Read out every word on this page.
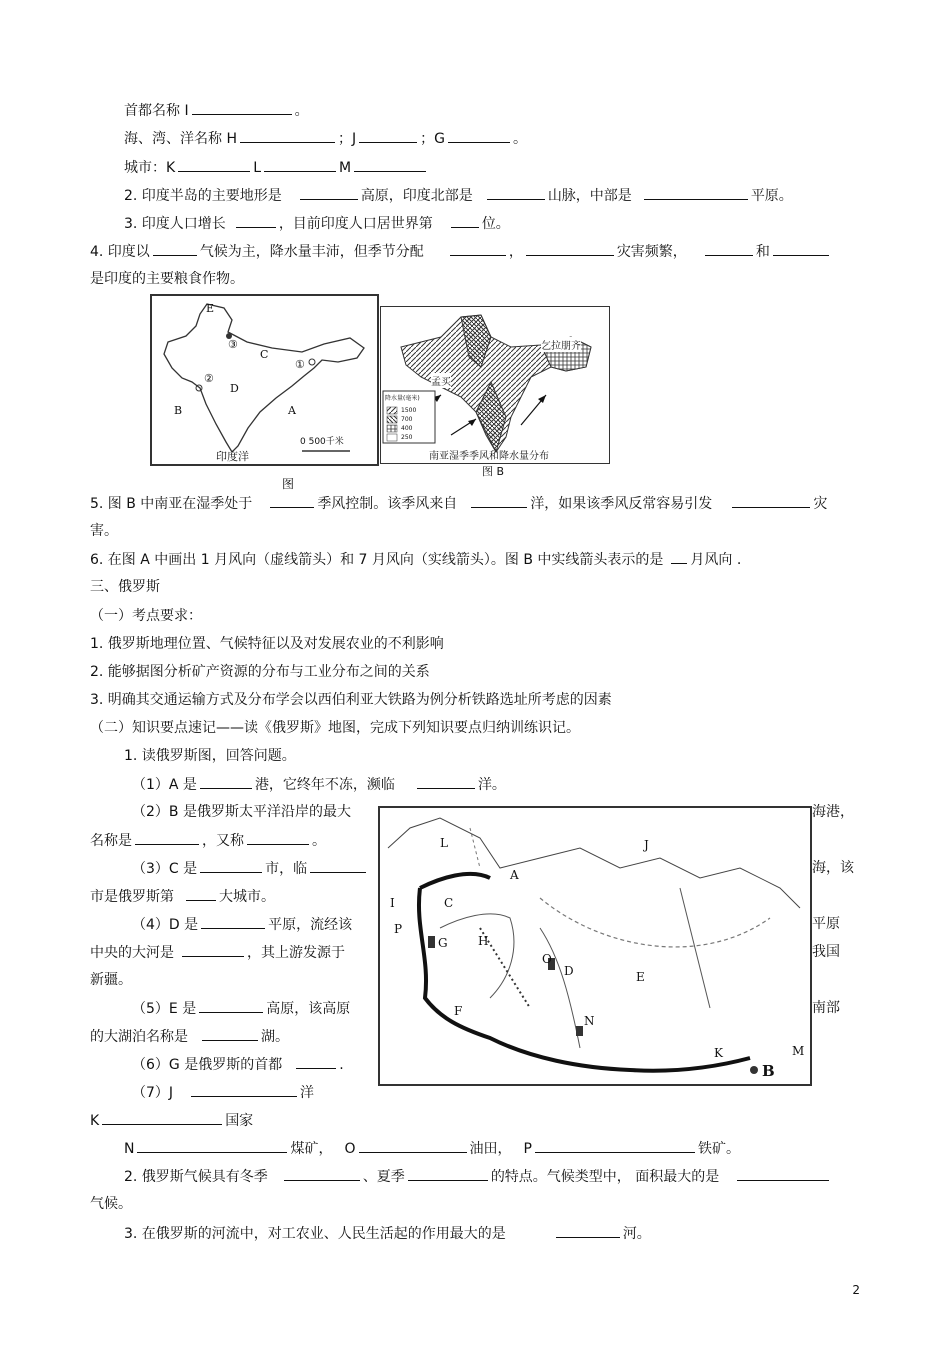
首都名称 I	。
海、湾、洋名称 H	；J	；G	。
城市：K	L	M
2. 印度半岛的主要地形是	高原，印度北部是	山脉，中部是	平原。
3. 印度人口增长	，目前印度人口居世界第	位。
4. 印度以	气候为主，降水量丰沛，但季节分配	，	灾害频繁，	和
是印度的主要粮食作物。
E
③
C
①
②
D
B	A
0 500千米
印度洋
图
乞拉朋齐
孟买
降水量(毫米)
1500
700
400
250
南亚湿季季风和降水量分布
图 B
5. 图 B 中南亚在湿季处于	季风控制。该季风来自	洋，如果该季风反常容易引发	灾
害。
6. 在图 A 中画出 1 月风向（虚线箭头）和 7 月风向（实线箭头）。图 B 中实线箭头表示的是 月风向 .
三、俄罗斯
（一）考点要求：
1. 俄罗斯地理位置、气候特征以及对发展农业的不利影响
2. 能够据图分析矿产资源的分布与工业分布之间的关系
3. 明确其交通运输方式及分布学会以西伯利亚大铁路为例分析铁路选址所考虑的因素
（二）知识要点速记——读《俄罗斯》地图，完成下列知识要点归纳训练识记。
1. 读俄罗斯图，回答问题。
（1）A 是	港，它终年不冻，濒临	洋。
（2）B 是俄罗斯太平洋沿岸的最大	海港，
名称是	，又称	。
（3）C 是	市，临	海，该
市是俄罗斯第	大城市。
（4）D 是	平原，流经该	平原
中央的大河是	，其上游发源于	我国
新疆。
（5）E 是	高原，该高原	南部
的大湖泊名称是	湖。
（6）G 是俄罗斯的首都	.
（7）J	洋
K	国家
N	煤矿， O	油田， P	铁矿。
J
L
A
I	C
P
G	H
O
D	E
F
N
K	M
B
2. 俄罗斯气候具有冬季	、夏季	的特点。气候类型中， 面积最大的是
气候。
3. 在俄罗斯的河流中，对工农业、人民生活起的作用最大的是	河。
2
